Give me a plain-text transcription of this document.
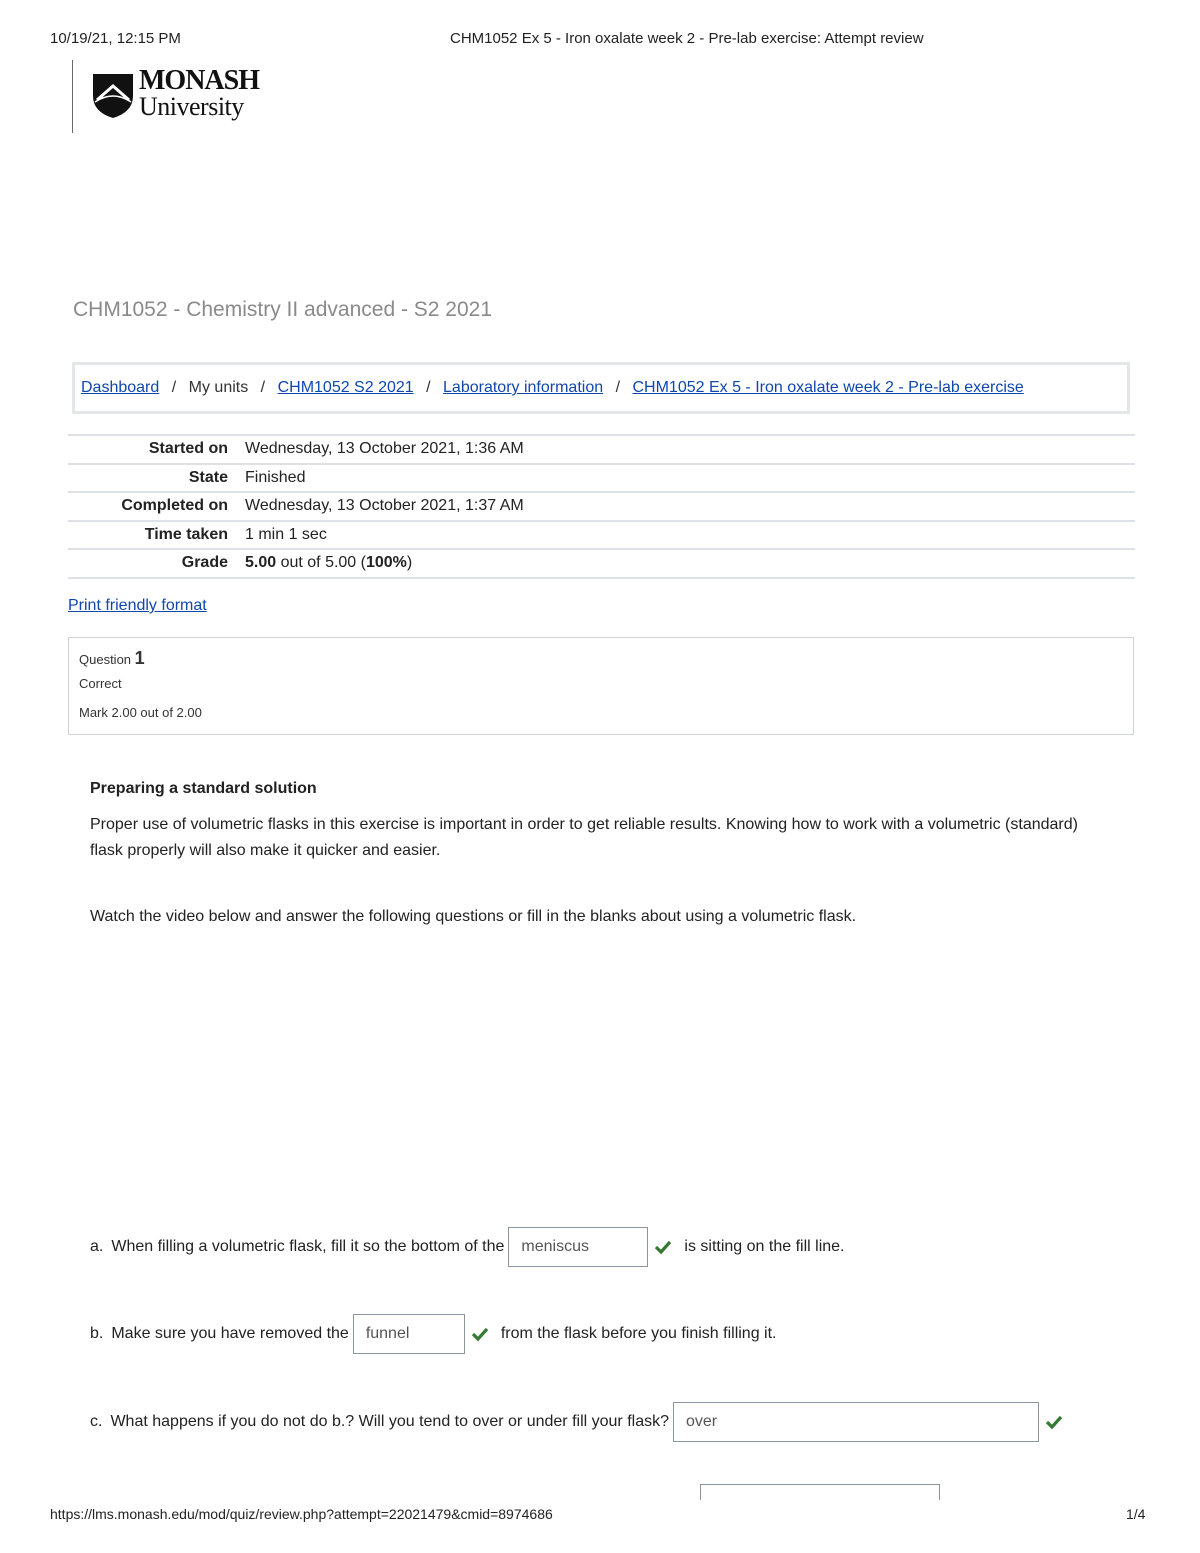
10/19/21, 12:15 PM	CHM1052 Ex 5 - Iron oxalate week 2 - Pre-lab exercise: Attempt review
MONASH
University
CHM1052 - Chemistry II advanced - S2 2021
Dashboard / My units / CHM1052 S2 2021 / Laboratory information / CHM1052 Ex 5 - Iron oxalate week 2 - Pre-lab exercise
Started on	Wednesday, 13 October 2021, 1:36 AM
State	Finished
Completed on	Wednesday, 13 October 2021, 1:37 AM
Time taken	1 min 1 sec
Grade	5.00 out of 5.00 (100%)
Print friendly format
Question 1
Correct
Mark 2.00 out of 2.00

Preparing a standard solution

Proper use of volumetric flasks in this exercise is important in order to get reliable results. Knowing how to work with a volumetric (standard) flask properly will also make it quicker and easier.

Watch the video below and answer the following questions or fill in the blanks about using a volumetric flask.

a. When filling a volumetric flask, fill it so the bottom of the	meniscus	is sitting on the fill line.
b. Make sure you have removed the	funnel	from the flask before you finish filling it.
c. What happens if you do not do b.? Will you tend to over or under fill your flask?	over
https://lms.monash.edu/mod/quiz/review.php?attempt=22021479&cmid=8974686	1/4
